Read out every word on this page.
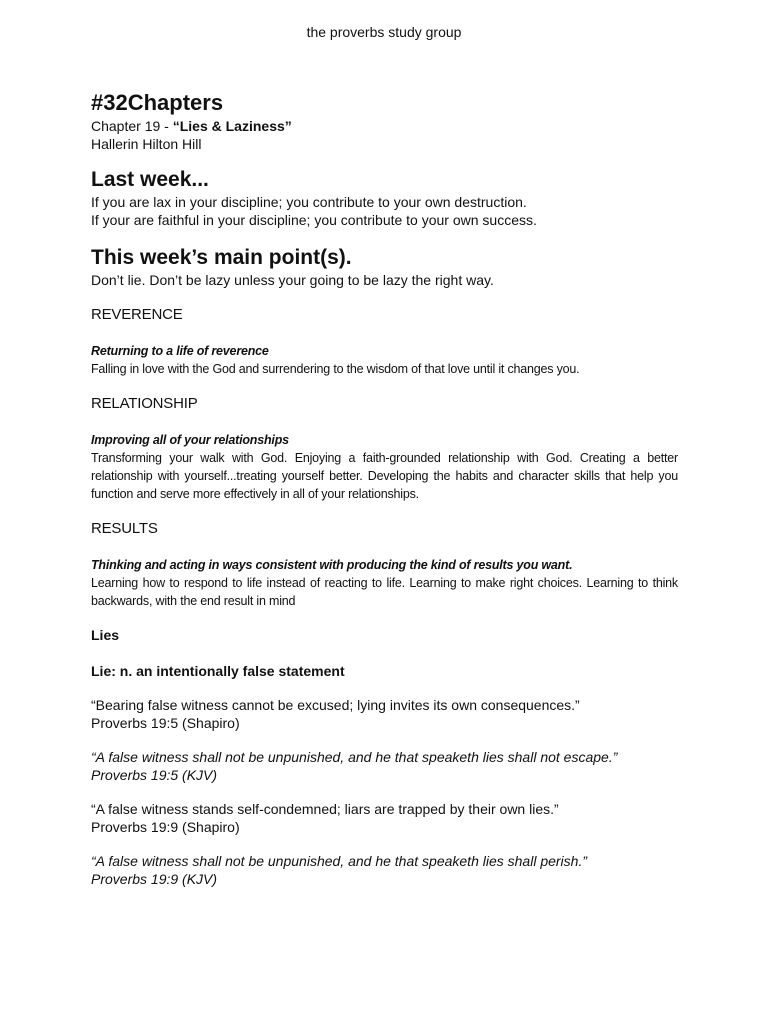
the proverbs study group
#32Chapters
Chapter 19 - “Lies & Laziness”
Hallerin Hilton Hill
Last week...
If you are lax in your discipline; you contribute to your own destruction.
If your are faithful in your discipline; you contribute to your own success.
This week’s main point(s).
Don’t lie. Don’t be lazy unless your going to be lazy the right way.
REVERENCE
Returning to a life of reverence
Falling in love with the God and surrendering to the wisdom of that love until it changes you.
RELATIONSHIP
Improving all of your relationships
Transforming your walk with God. Enjoying a faith-grounded relationship with God. Creating a better relationship with yourself...treating yourself better. Developing the habits and character skills that help you function and serve more effectively in all of your relationships.
RESULTS
Thinking and acting in ways consistent with producing the kind of results you want.
Learning how to respond to life instead of reacting to life. Learning to make right choices. Learning to think backwards, with the end result in mind
Lies
Lie: n. an intentionally false statement
“Bearing false witness cannot be excused; lying invites its own consequences.”
Proverbs 19:5 (Shapiro)
“A false witness shall not be unpunished, and he that speaketh lies shall not escape.”
Proverbs 19:5 (KJV)
“A false witness stands self-condemned; liars are trapped by their own lies.”
Proverbs 19:9 (Shapiro)
“A false witness shall not be unpunished, and he that speaketh lies shall perish.”
Proverbs 19:9 (KJV)
